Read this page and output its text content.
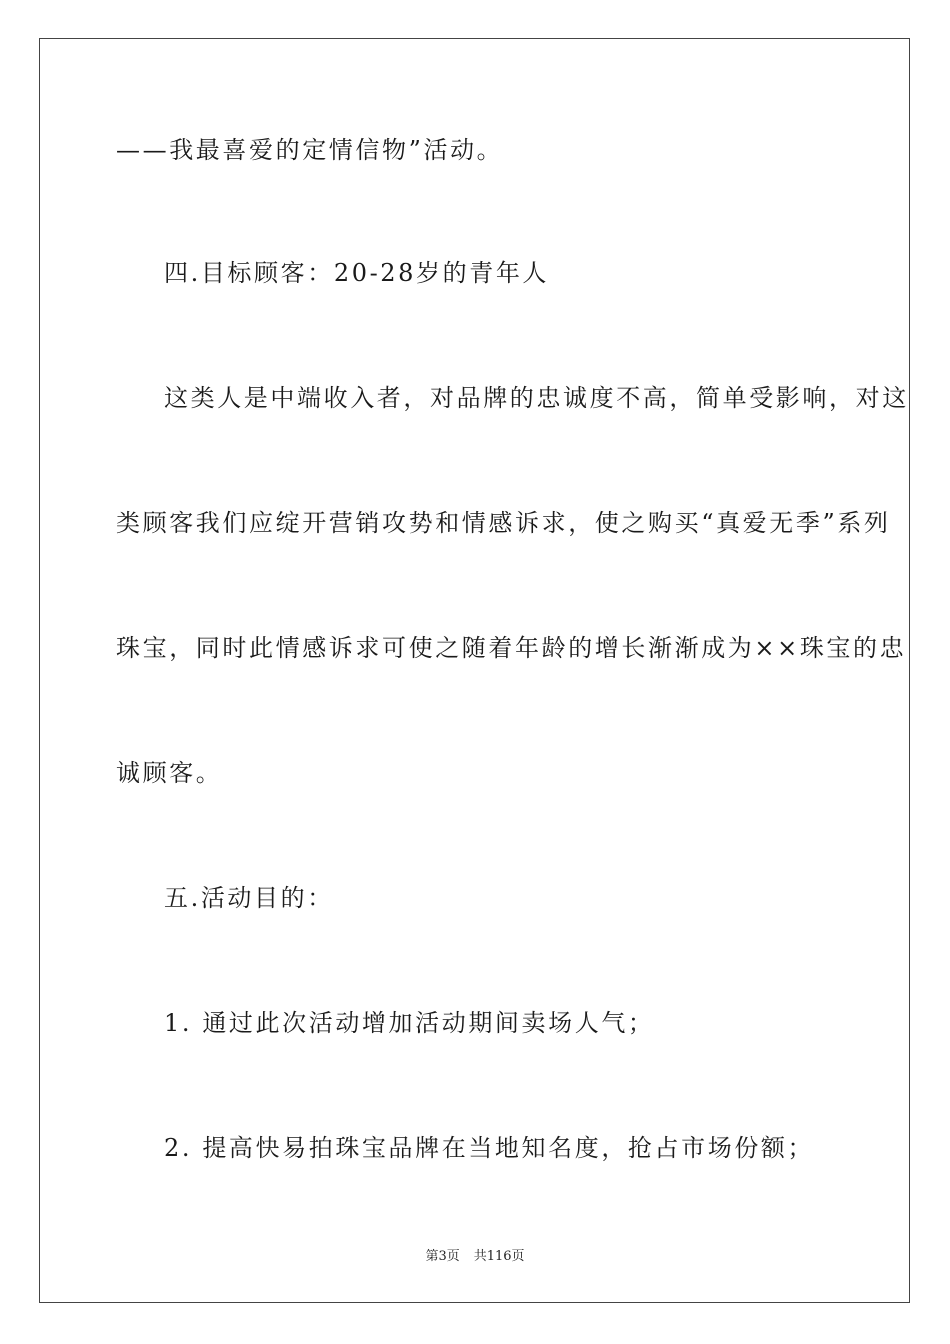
——我最喜爱的定情信物”活动。
四.目标顾客：20-28岁的青年人
这类人是中端收入者，对品牌的忠诚度不高，简单受影响，对这
类顾客我们应绽开营销攻势和情感诉求，使之购买“真爱无季”系列
珠宝，同时此情感诉求可使之随着年龄的增长渐渐成为××珠宝的忠
诚顾客。
五.活动目的：
1. 通过此次活动增加活动期间卖场人气；
2. 提高快易拍珠宝品牌在当地知名度，抢占市场份额；
第3页 共116页
